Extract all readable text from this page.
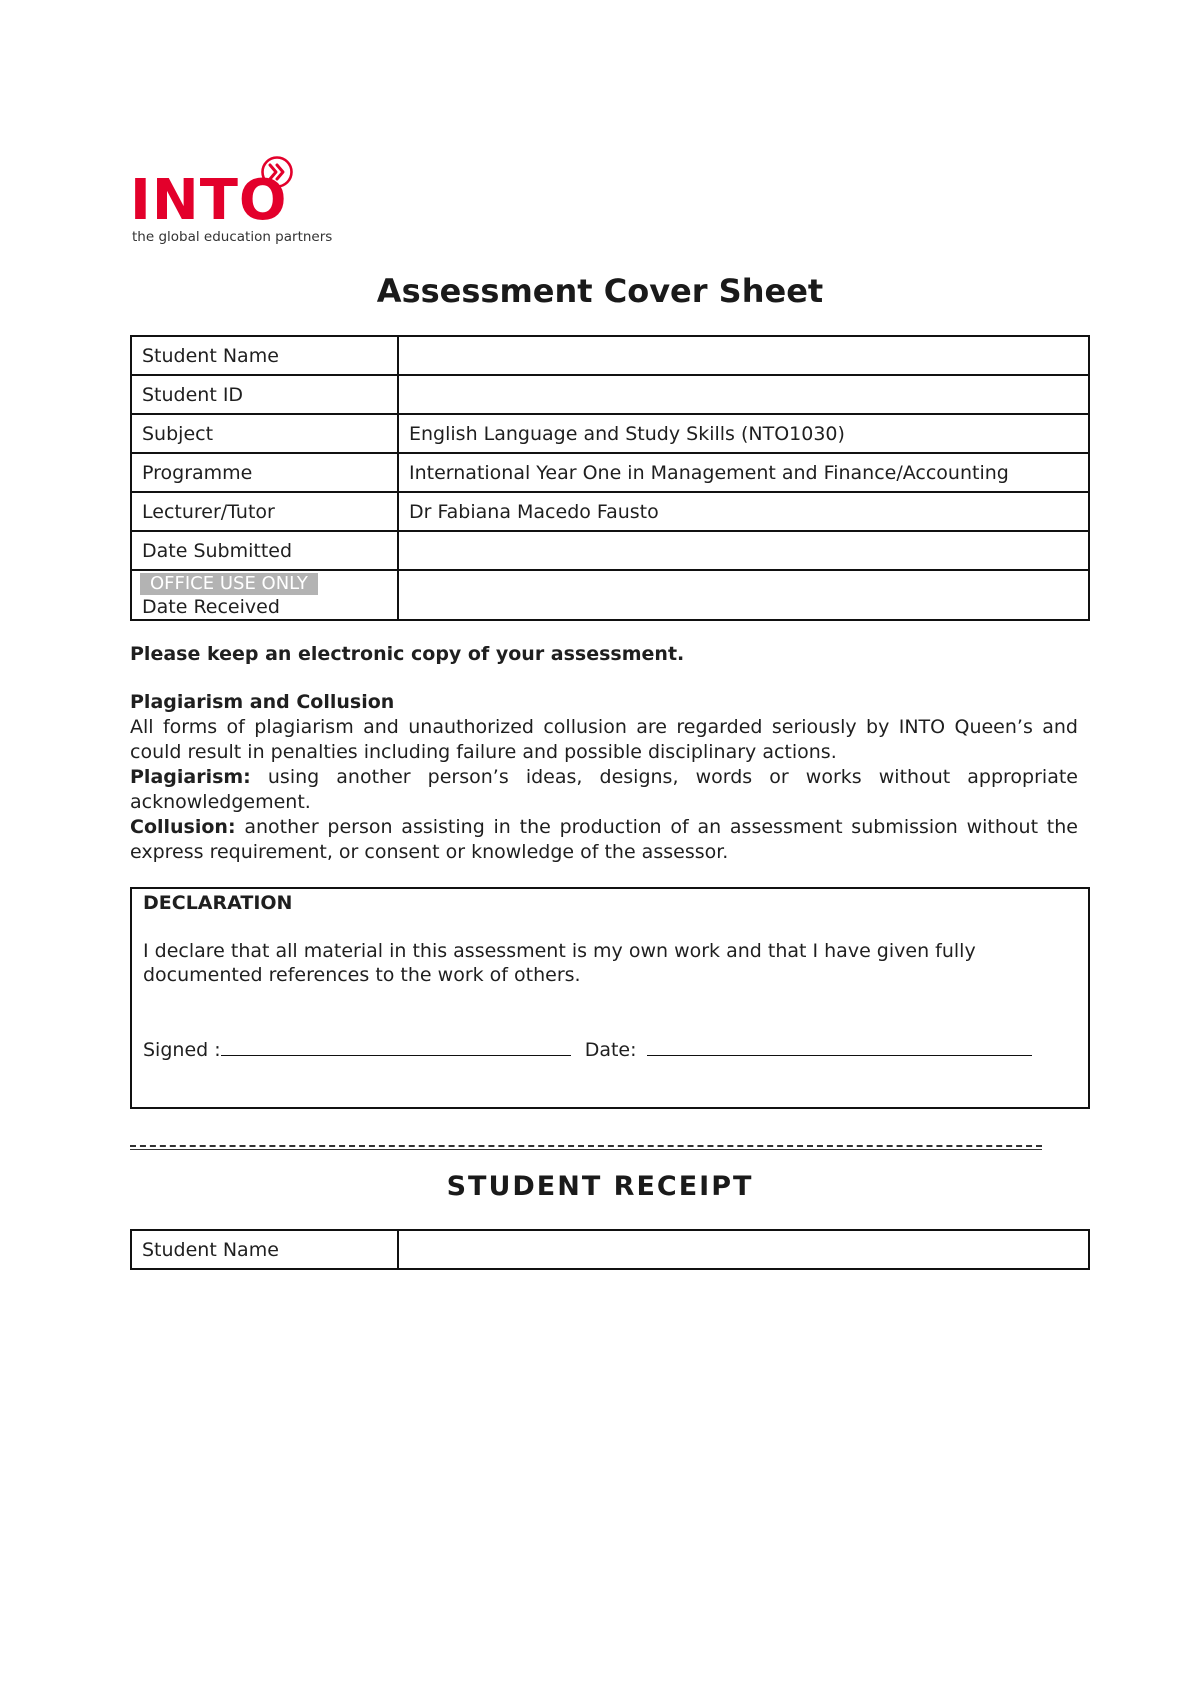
INTO
the global education partners
Assessment Cover Sheet
Student Name	
Student ID	
Subject	English Language and Study Skills (NTO1030)
Programme	International Year One in Management and Finance/Accounting
Lecturer/Tutor	Dr Fabiana Macedo Fausto
Date Submitted	
OFFICE USE ONLY
Date Received	
Please keep an electronic copy of your assessment.
Plagiarism and Collusion
All forms of plagiarism and unauthorized collusion are regarded seriously by INTO Queen’s and could result in penalties including failure and possible disciplinary actions.
Plagiarism: using another person’s ideas, designs, words or works without appropriate acknowledgement.
Collusion: another person assisting in the production of an assessment submission without the express requirement, or consent or knowledge of the assessor.
DECLARATION
I declare that all material in this assessment is my own work and that I have given fully documented references to the work of others.
Signed :	Date:
STUDENT RECEIPT
Student Name	
